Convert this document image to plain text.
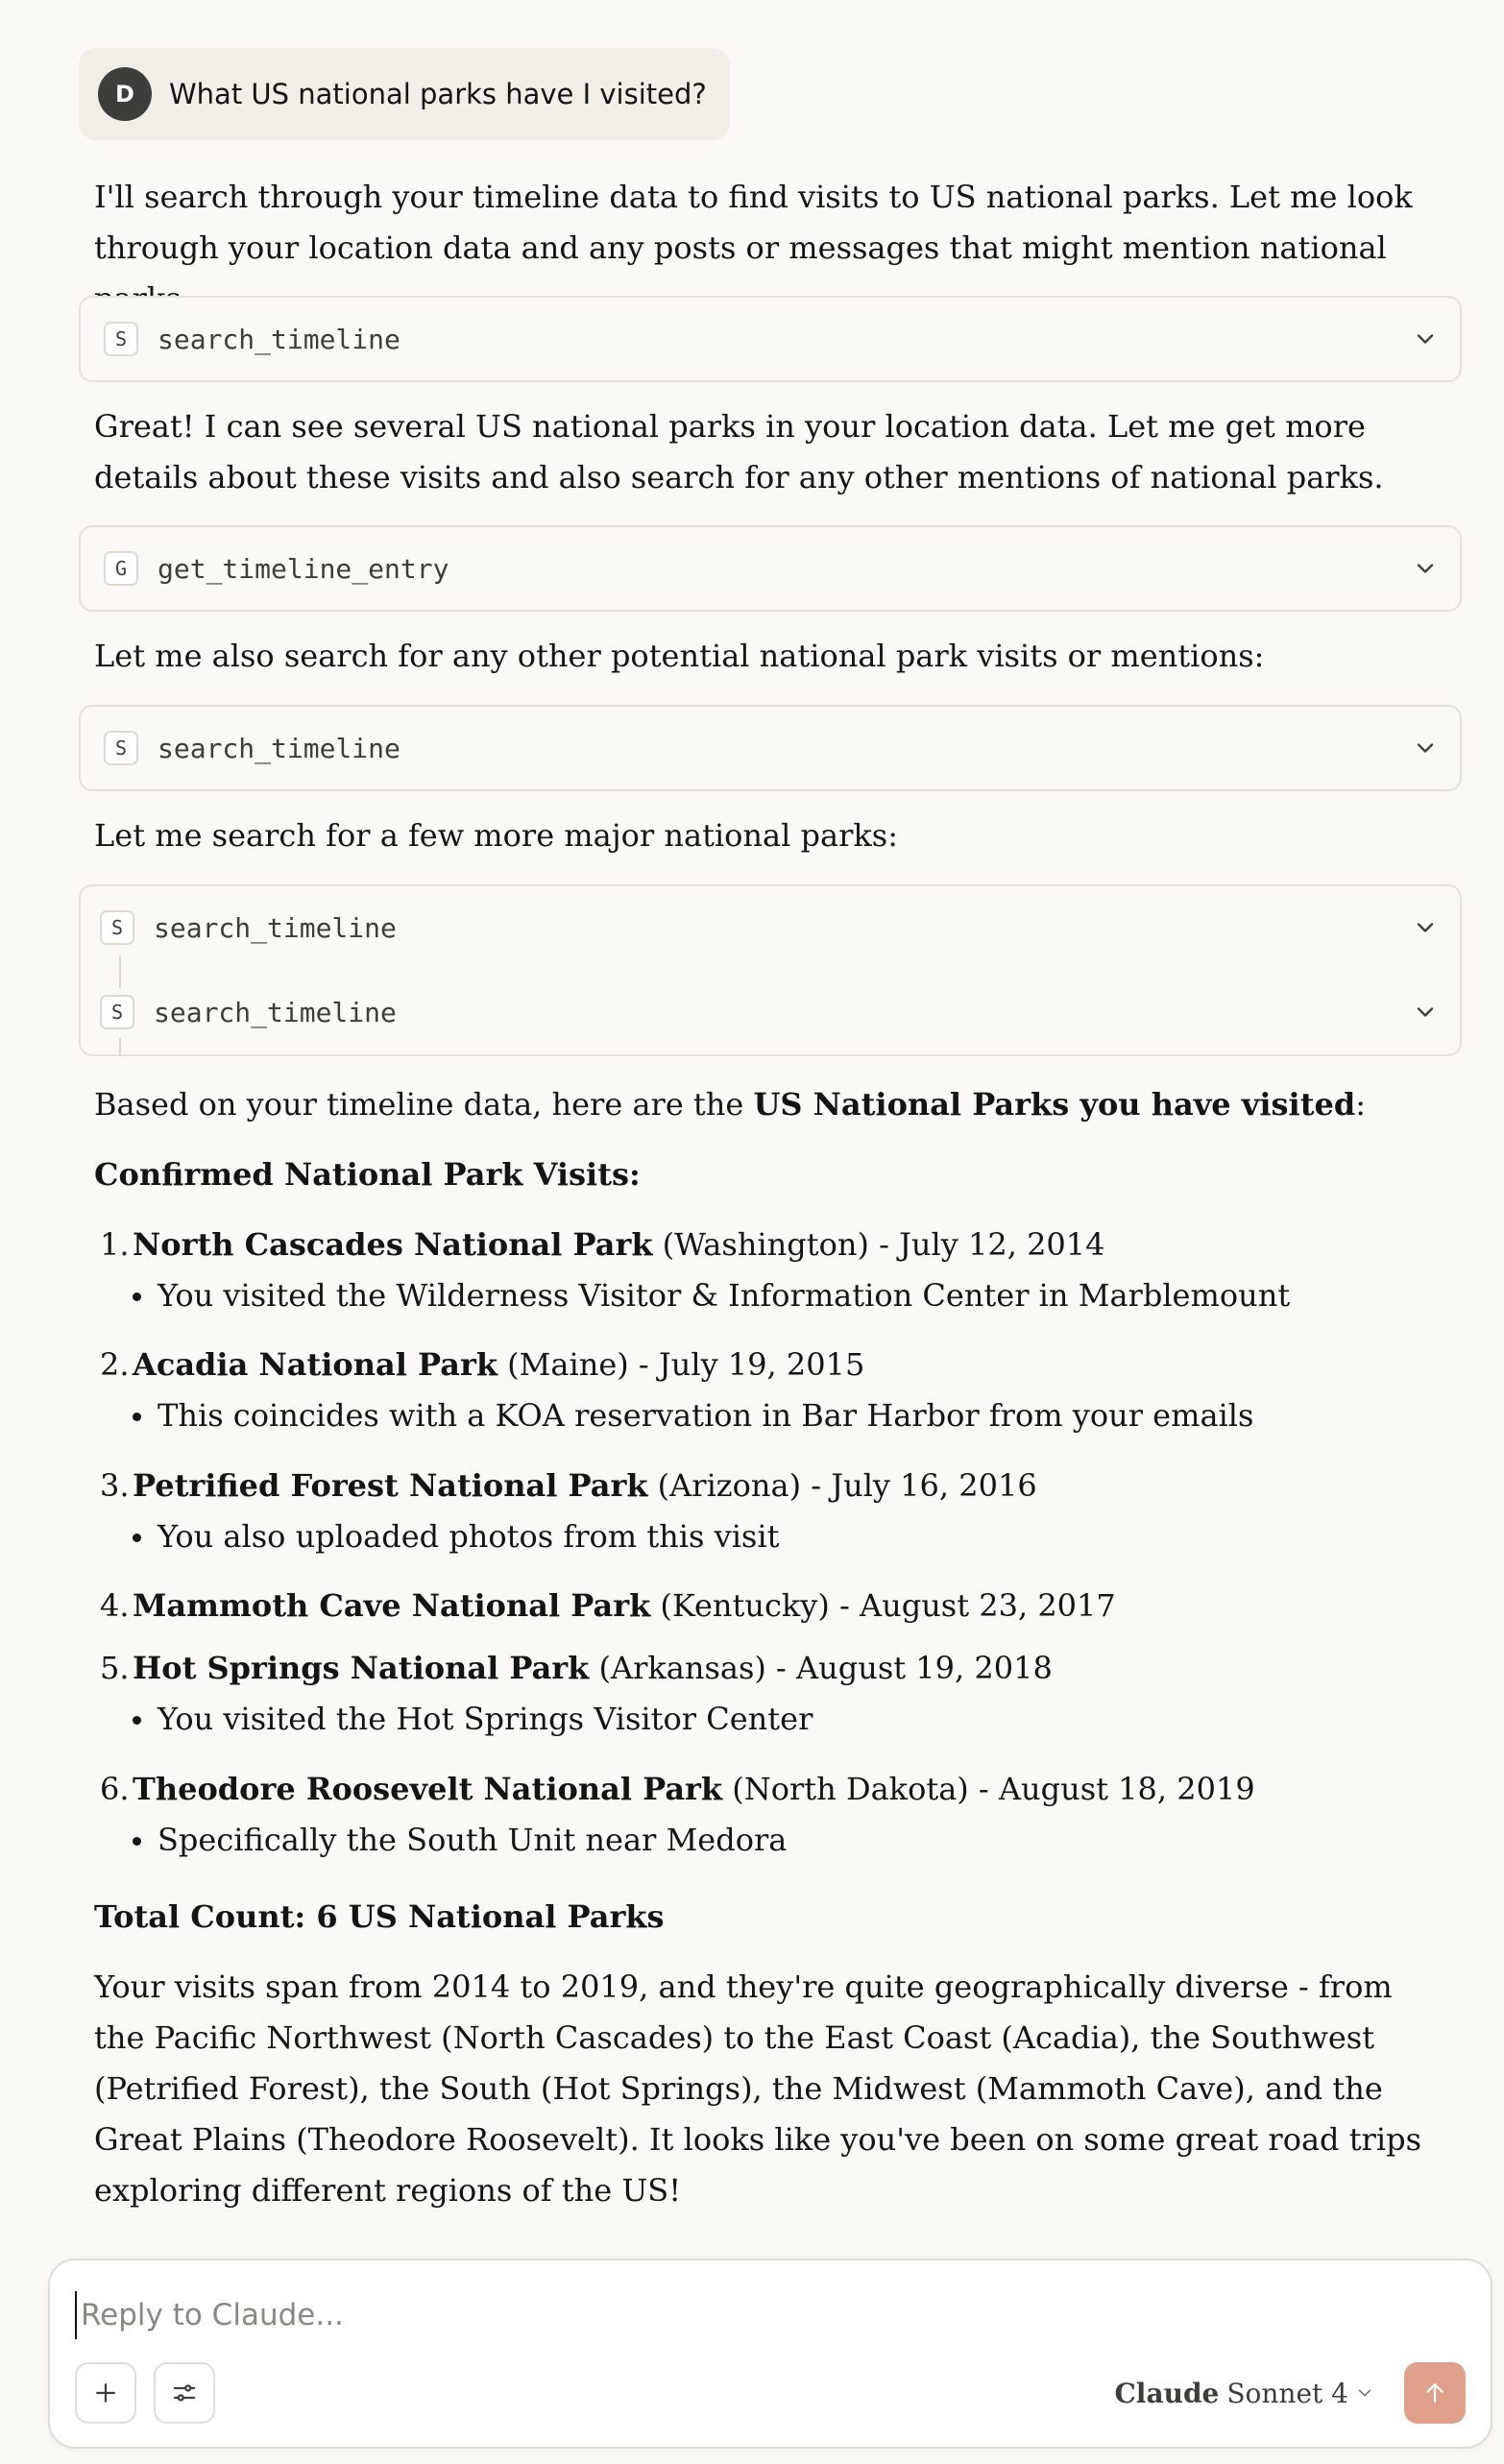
D	What US national parks have I visited?
I'll search through your timeline data to find visits to US national parks. Let me look through your location data and any posts or messages that might mention national
S	search_timeline
Great! I can see several US national parks in your location data. Let me get more details about these visits and also search for any other mentions of national parks.
G	get_timeline_entry
Let me also search for any other potential national park visits or mentions:
S	search_timeline
Let me search for a few more major national parks:
S	search_timeline
S	search_timeline
Based on your timeline data, here are the US National Parks you have visited:
Confirmed National Park Visits:
1. North Cascades National Park (Washington) - July 12, 2014
You visited the Wilderness Visitor & Information Center in Marblemount
2. Acadia National Park (Maine) - July 19, 2015
This coincides with a KOA reservation in Bar Harbor from your emails
3. Petrified Forest National Park (Arizona) - July 16, 2016
You also uploaded photos from this visit
4. Mammoth Cave National Park (Kentucky) - August 23, 2017
5. Hot Springs National Park (Arkansas) - August 19, 2018
You visited the Hot Springs Visitor Center
6. Theodore Roosevelt National Park (North Dakota) - August 18, 2019
Specifically the South Unit near Medora
Total Count: 6 US National Parks
Your visits span from 2014 to 2019, and they're quite geographically diverse - from the Pacific Northwest (North Cascades) to the East Coast (Acadia), the Southwest (Petrified Forest), the South (Hot Springs), the Midwest (Mammoth Cave), and the Great Plains (Theodore Roosevelt). It looks like you've been on some great road trips exploring different regions of the US!
Reply to Claude...
Claude Sonnet 4
